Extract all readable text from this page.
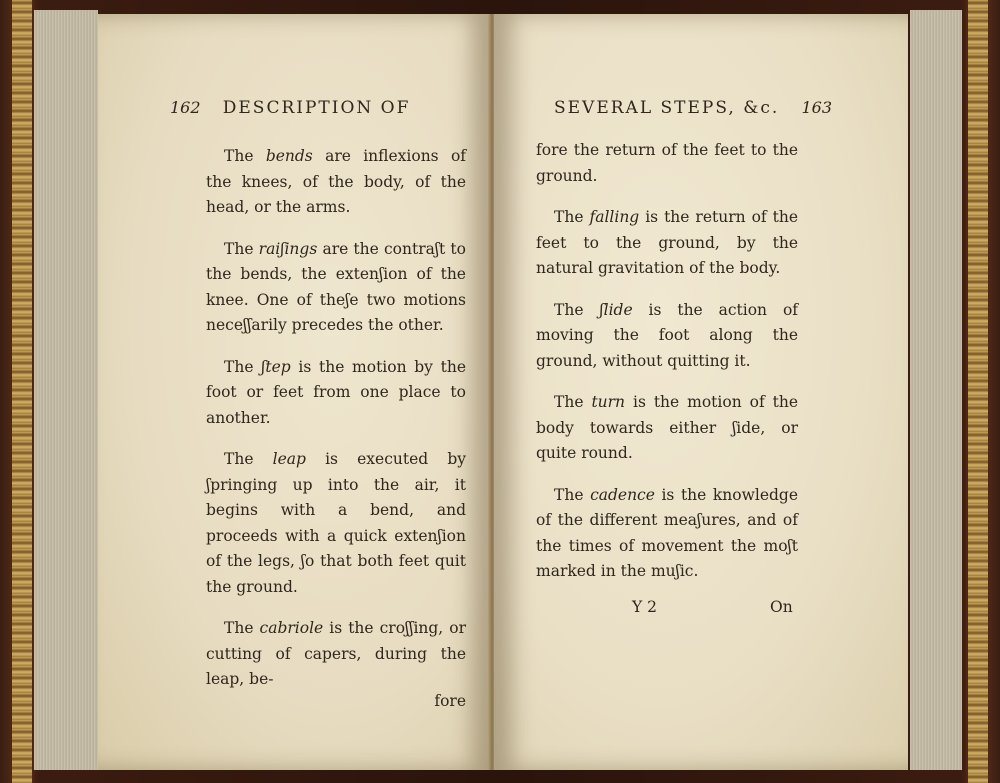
162 DESCRIPTION OF

The bends are inflexions of the knees, of the body, of the head, or the arms.

The raiʃings are the contraʃt to the bends, the extenʃion of the knee. One of theʃe two motions neceʃʃarily precedes the other.

The ʃtep is the motion by the foot or feet from one place to another.

The leap is executed by ʃpringing up into the air, it begins with a bend, and proceeds with a quick extenʃion of the legs, ʃo that both feet quit the ground.

The cabriole is the croʃʃing, or cutting of capers, during the leap, be-

fore
SEVERAL STEPS, &c. 163

fore the return of the feet to the ground.

The falling is the return of the feet to the ground, by the natural gravitation of the body.

The ʃlide is the action of moving the foot along the ground, without quitting it.

The turn is the motion of the body towards either ʃide, or quite round.

The cadence is the knowledge of the different meaʃures, and of the times of movement the moʃt marked in the muʃic.

Y 2	On
